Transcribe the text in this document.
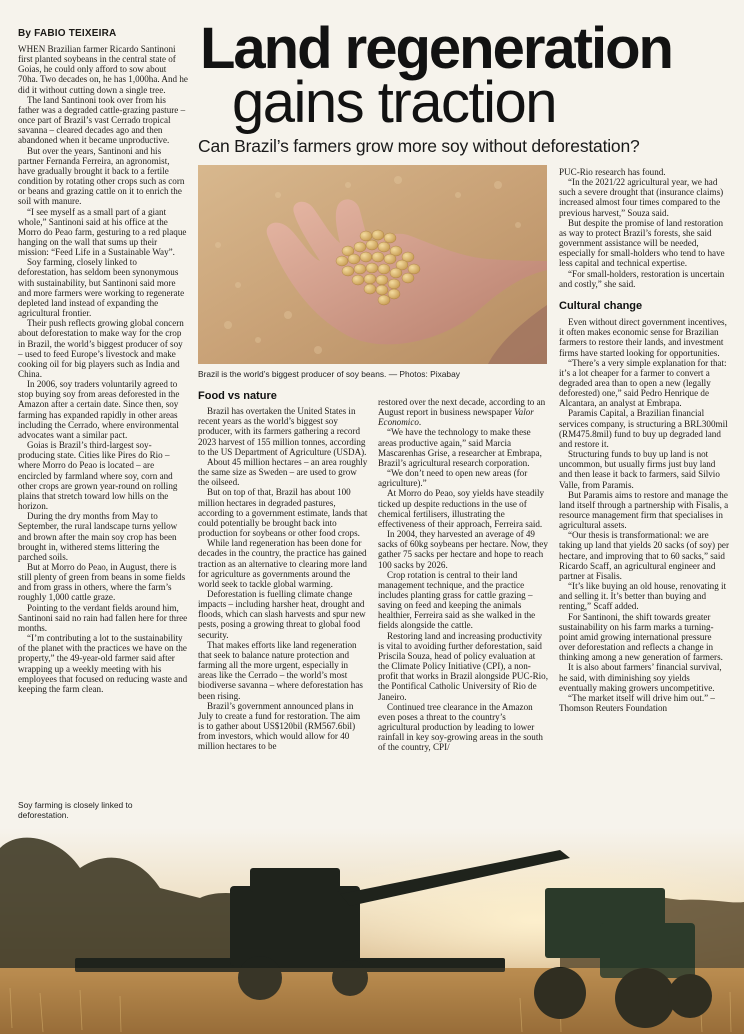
By FABIO TEIXEIRA

WHEN Brazilian farmer Ricardo Santinoni first planted soybeans in the central state of Goias, he could only afford to sow about 70ha. Two decades on, he has 1,000ha. And he did it without cutting down a single tree.

The land Santinoni took over from his father was a degraded cattle-grazing pasture – once part of Brazil’s vast Cerrado tropical savanna – cleared decades ago and then abandoned when it became unproductive.

But over the years, Santinoni and his partner Fernanda Ferreira, an agronomist, have gradually brought it back to a fertile condition by rotating other crops such as corn or beans and grazing cattle on it to enrich the soil with manure.

“I see myself as a small part of a giant whole,” Santinoni said at his office at the Morro do Peao farm, gesturing to a red plaque hanging on the wall that sums up their mission: “Feed Life in a Sustainable Way”.

Soy farming, closely linked to deforestation, has seldom been synonymous with sustainability, but Santinoni said more and more farmers were working to regenerate depleted land instead of expanding the agricultural frontier.

Their push reflects growing global concern about deforestation to make way for the crop in Brazil, the world’s biggest producer of soy – used to feed Europe’s livestock and make cooking oil for big players such as India and China.

In 2006, soy traders voluntarily agreed to stop buying soy from areas deforested in the Amazon after a certain date. Since then, soy farming has expanded rapidly in other areas including the Cerrado, where environmental advocates want a similar pact.

Goias is Brazil’s third-largest soy-producing state. Cities like Pires do Rio – where Morro do Peao is located – are encircled by farmland where soy, corn and other crops are grown year-round on rolling plains that stretch toward low hills on the horizon.

During the dry months from May to September, the rural landscape turns yellow and brown after the main soy crop has been brought in, withered stems littering the parched soils.

But at Morro do Peao, in August, there is still plenty of green from beans in some fields and from grass in others, where the farm’s roughly 1,000 cattle graze.

Pointing to the verdant fields around him, Santinoni said no rain had fallen here for three months.

“I’m contributing a lot to the sustainability of the planet with the practices we have on the property,” the 49-year-old farmer said after wrapping up a weekly meeting with his employees that focused on reducing waste and keeping the farm clean.

Land regeneration
gains traction
Can Brazil’s farmers grow more soy without deforestation?
Brazil is the world’s biggest producer of soy beans. — Photos: Pixabay
Food vs nature

Brazil has overtaken the United States in recent years as the world’s biggest soy producer, with its farmers gathering a record 2023 harvest of 155 million tonnes, according to the US Department of Agriculture (USDA).

About 45 million hectares – an area roughly the same size as Sweden – are used to grow the oilseed.

But on top of that, Brazil has about 100 million hectares in degraded pastures, according to a government estimate, lands that could potentially be brought back into production for soybeans or other food crops.

While land regeneration has been done for decades in the country, the practice has gained traction as an alternative to clearing more land for agriculture as governments around the world seek to tackle global warming.

Deforestation is fuelling climate change impacts – including harsher heat, drought and floods, which can slash harvests and spur new pests, posing a growing threat to global food security.

That makes efforts like land regeneration that seek to balance nature protection and farming all the more urgent, especially in areas like the Cerrado – the world’s most biodiverse savanna – where deforestation has been rising.

Brazil’s government announced plans in July to create a fund for restoration. The aim is to gather about US$120bil (RM567.6bil) from investors, which would allow for 40 million hectares to be

restored over the next decade, according to an August report in business newspaper Valor Economico.

“We have the technology to make these areas productive again,” said Marcia Mascarenhas Grise, a researcher at Embrapa, Brazil’s agricultural research corporation.

“We don’t need to open new areas (for agriculture).”

At Morro do Peao, soy yields have steadily ticked up despite reductions in the use of chemical fertilisers, illustrating the effectiveness of their approach, Ferreira said.

In 2004, they harvested an average of 49 sacks of 60kg soybeans per hectare. Now, they gather 75 sacks per hectare and hope to reach 100 sacks by 2026.

Crop rotation is central to their land management technique, and the practice includes planting grass for cattle grazing – saving on feed and keeping the animals healthier, Ferreira said as she walked in the fields alongside the cattle.

Restoring land and increasing productivity is vital to avoiding further deforestation, said Priscila Souza, head of policy evaluation at the Climate Policy Initiative (CPI), a non-profit that works in Brazil alongside PUC-Rio, the Pontifical Catholic University of Rio de Janeiro.

Continued tree clearance in the Amazon even poses a threat to the country’s agricultural production by leading to lower rainfall in key soy-growing areas in the south of the country, CPI/

PUC-Rio research has found.

“In the 2021/22 agricultural year, we had such a severe drought that (insurance claims) increased almost four times compared to the previous harvest,” Souza said.

But despite the promise of land restoration as way to protect Brazil’s forests, she said government assistance will be needed, especially for small-holders who tend to have less capital and technical expertise.

“For small-holders, restoration is uncertain and costly,” she said.

Cultural change

Even without direct government incentives, it often makes economic sense for Brazilian farmers to restore their lands, and investment firms have started looking for opportunities.

“There’s a very simple explanation for that: it’s a lot cheaper for a farmer to convert a degraded area than to open a new (legally deforested) one,” said Pedro Henrique de Alcantara, an analyst at Embrapa.

Paramis Capital, a Brazilian financial services company, is structuring a BRL300mil (RM475.8mil) fund to buy up degraded land and restore it.

Structuring funds to buy up land is not uncommon, but usually firms just buy land and then lease it back to farmers, said Silvio Valle, from Paramis.

But Paramis aims to restore and manage the land itself through a partnership with Fisalis, a resource management firm that specialises in agricultural assets.

“Our thesis is transformational: we are taking up land that yields 20 sacks (of soy) per hectare, and improving that to 60 sacks,” said Ricardo Scaff, an agricultural engineer and partner at Fisalis.

“It’s like buying an old house, renovating it and selling it. It’s better than buying and renting,” Scaff added.

For Santinoni, the shift towards greater sustainability on his farm marks a turning-point amid growing international pressure over deforestation and reflects a change in thinking among a new generation of farmers.

It is also about farmers’ financial survival, he said, with diminishing soy yields eventually making growers uncompetitive.

“The market itself will drive him out.” – Thomson Reuters Foundation

Soy farming is closely linked to deforestation.
